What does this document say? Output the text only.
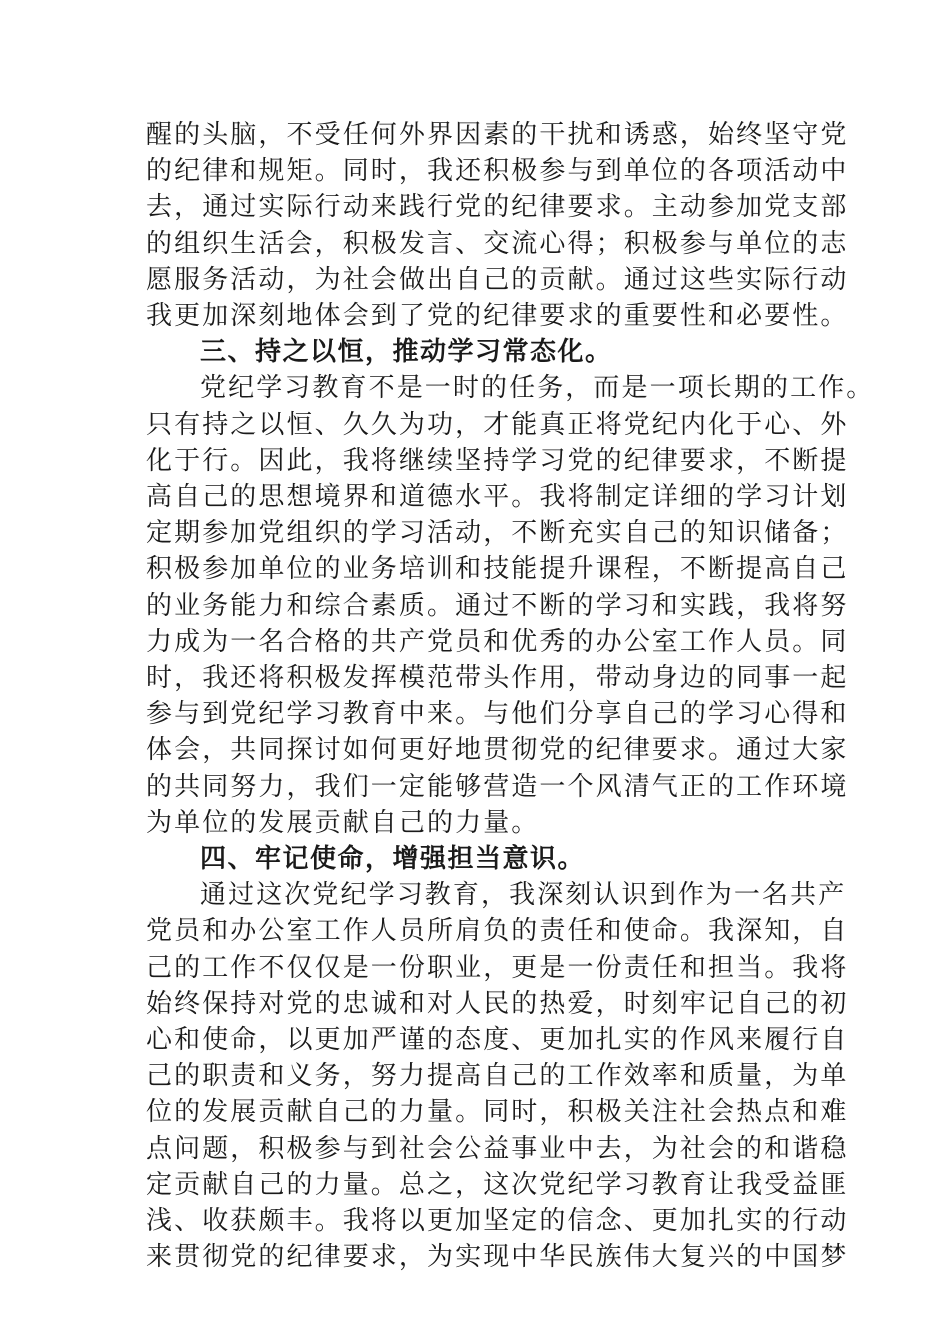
醒的头脑，不受任何外界因素的干扰和诱惑，始终坚守党
的纪律和规矩。同时，我还积极参与到单位的各项活动中
去，通过实际行动来践行党的纪律要求。主动参加党支部
的组织生活会，积极发言、交流心得；积极参与单位的志
愿服务活动，为社会做出自己的贡献。通过这些实际行动
我更加深刻地体会到了党的纪律要求的重要性和必要性。
三、持之以恒，推动学习常态化。
党纪学习教育不是一时的任务，而是一项长期的工作。
只有持之以恒、久久为功，才能真正将党纪内化于心、外
化于行。因此，我将继续坚持学习党的纪律要求，不断提
高自己的思想境界和道德水平。我将制定详细的学习计划
定期参加党组织的学习活动，不断充实自己的知识储备；
积极参加单位的业务培训和技能提升课程，不断提高自己
的业务能力和综合素质。通过不断的学习和实践，我将努
力成为一名合格的共产党员和优秀的办公室工作人员。同
时，我还将积极发挥模范带头作用，带动身边的同事一起
参与到党纪学习教育中来。与他们分享自己的学习心得和
体会，共同探讨如何更好地贯彻党的纪律要求。通过大家
的共同努力，我们一定能够营造一个风清气正的工作环境
为单位的发展贡献自己的力量。
四、牢记使命，增强担当意识。
通过这次党纪学习教育，我深刻认识到作为一名共产
党员和办公室工作人员所肩负的责任和使命。我深知，自
己的工作不仅仅是一份职业，更是一份责任和担当。我将
始终保持对党的忠诚和对人民的热爱，时刻牢记自己的初
心和使命，以更加严谨的态度、更加扎实的作风来履行自
己的职责和义务，努力提高自己的工作效率和质量，为单
位的发展贡献自己的力量。同时，积极关注社会热点和难
点问题，积极参与到社会公益事业中去，为社会的和谐稳
定贡献自己的力量。总之，这次党纪学习教育让我受益匪
浅、收获颇丰。我将以更加坚定的信念、更加扎实的行动
来贯彻党的纪律要求，为实现中华民族伟大复兴的中国梦
